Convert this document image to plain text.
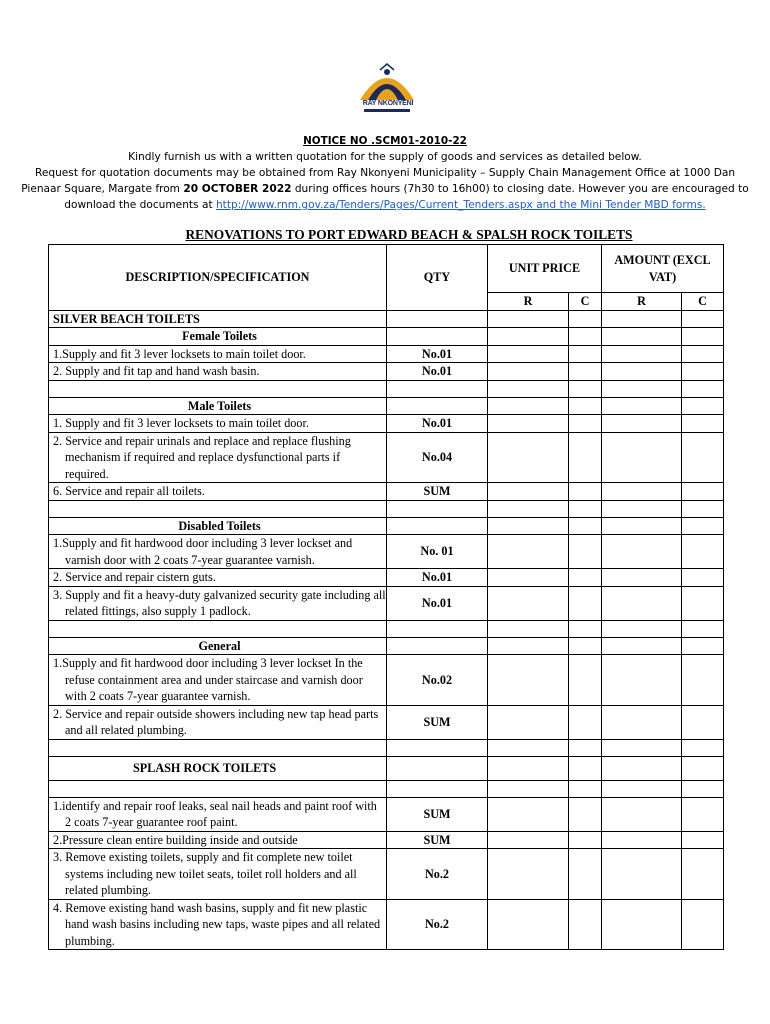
RAY NKONYENI
NOTICE NO .SCM01-2010-22
Kindly furnish us with a written quotation for the supply of goods and services as detailed below.
Request for quotation documents may be obtained from Ray Nkonyeni Municipality – Supply Chain Management Office at 1000 Dan
Pienaar Square, Margate from 20 OCTOBER 2022 during offices hours (7h30 to 16h00) to closing date. However you are encouraged to
download the documents at http://www.rnm.gov.za/Tenders/Pages/Current_Tenders.aspx and the Mini Tender MBD forms.
RENOVATIONS TO PORT EDWARD BEACH & SPALSH ROCK TOILETS
DESCRIPTION/SPECIFICATION	QTY	UNIT PRICE		AMOUNT (EXCL VAT)	
		R	C	R	C
SILVER BEACH TOILETS					
Female Toilets					
1.Supply and fit 3 lever locksets to main toilet door.	No.01				
2. Supply and fit tap and hand wash basin.	No.01				

Male Toilets					
1. Supply and fit 3 lever locksets to main toilet door.	No.01				
2. Service and repair urinals and replace and replace flushing mechanism if required and replace dysfunctional parts if required.	No.04				
6. Service and repair all toilets.	SUM				

Disabled Toilets					
1.Supply and fit hardwood door including 3 lever lockset and varnish door with 2 coats 7-year guarantee varnish.	No. 01				
2. Service and repair cistern guts.	No.01				
3. Supply and fit a heavy-duty galvanized security gate including all related fittings, also supply 1 padlock.	No.01				

General					
1.Supply and fit hardwood door including 3 lever lockset In the refuse containment area and under staircase and varnish door with 2 coats 7-year guarantee varnish.	No.02				
2. Service and repair outside showers including new tap head parts and all related plumbing.	SUM				

SPLASH ROCK TOILETS					

1.identify and repair roof leaks, seal nail heads and paint roof with 2 coats 7-year guarantee roof paint.	SUM				
2.Pressure clean entire building inside and outside	SUM				
3. Remove existing toilets, supply and fit complete new toilet systems including new toilet seats, toilet roll holders and all related plumbing.	No.2				
4. Remove existing hand wash basins, supply and fit new plastic hand wash basins including new taps, waste pipes and all related plumbing.	No.2				
